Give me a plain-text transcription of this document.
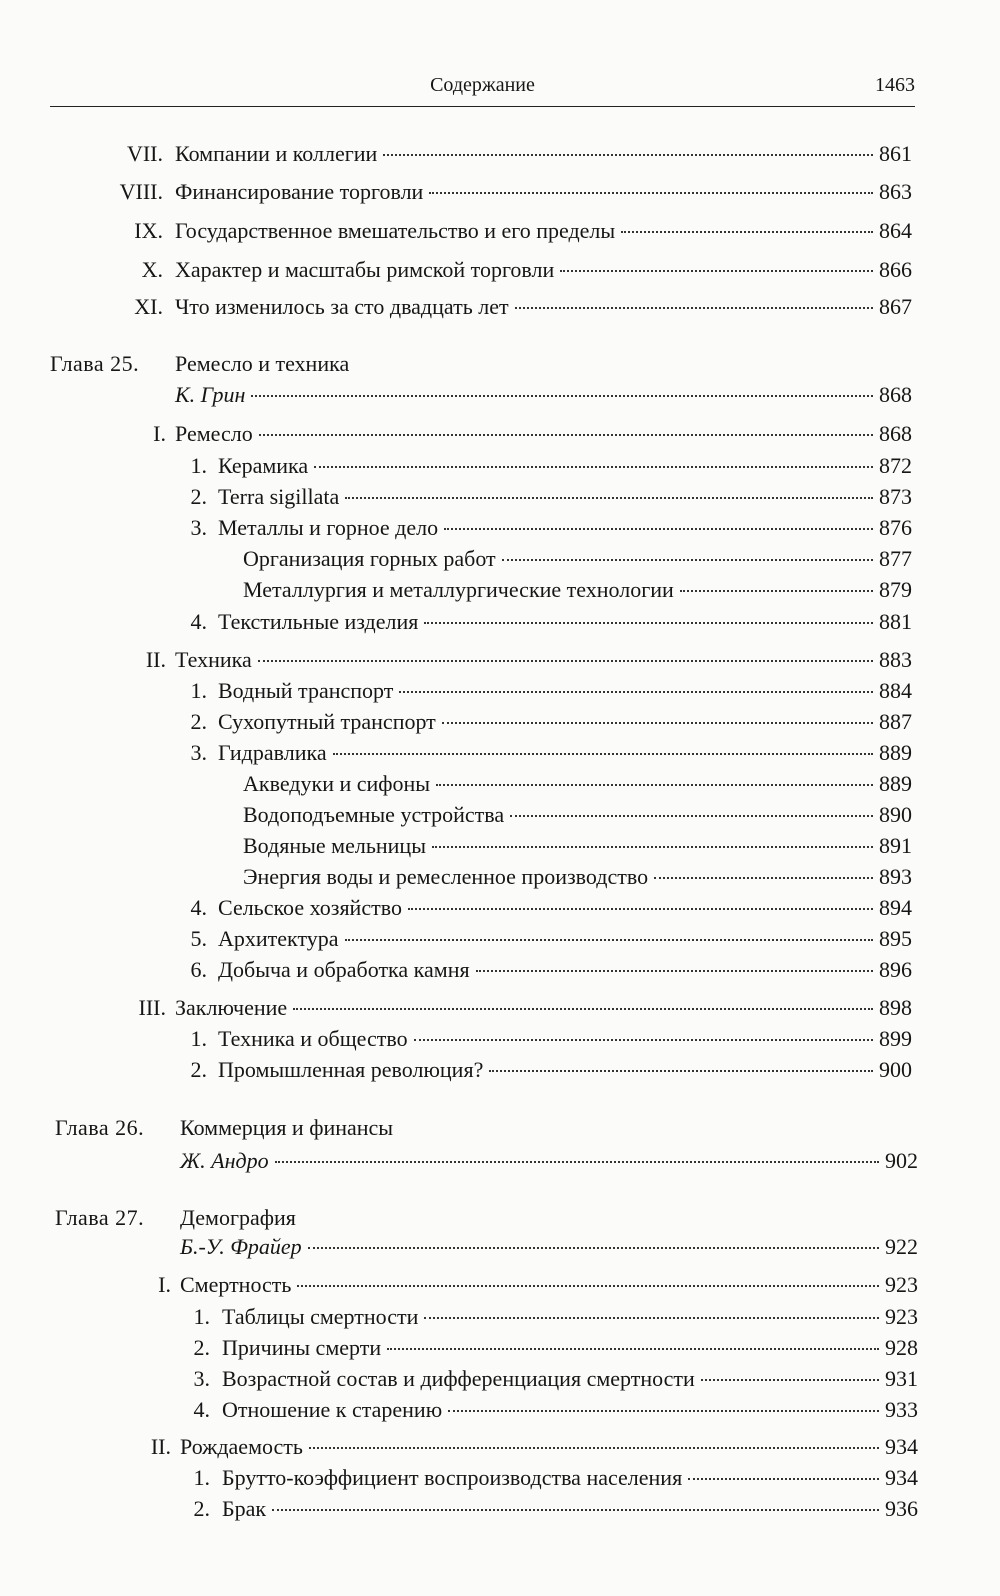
Содержание	1463
VII. Компании и коллегии	861
VIII. Финансирование торговли	863
IX. Государственное вмешательство и его пределы	864
X. Характер и масштабы римской торговли	866
XI. Что изменилось за сто двадцать лет	867
Глава 25. Ремесло и техника
К. Грин	868
I. Ремесло	868
1. Керамика	872
2. Terra sigillata	873
3. Металлы и горное дело	876
Организация горных работ	877
Металлургия и металлургические технологии	879
4. Текстильные изделия	881
II. Техника	883
1. Водный транспорт	884
2. Сухопутный транспорт	887
3. Гидравлика	889
Акведуки и сифоны	889
Водоподъемные устройства	890
Водяные мельницы	891
Энергия воды и ремесленное производство	893
4. Сельское хозяйство	894
5. Архитектура	895
6. Добыча и обработка камня	896
III. Заключение	898
1. Техника и общество	899
2. Промышленная революция?	900
Глава 26. Коммерция и финансы
Ж. Андро	902
Глава 27. Демография
Б.-У. Фрайер	922
I. Смертность	923
1. Таблицы смертности	923
2. Причины смерти	928
3. Возрастной состав и дифференциация смертности	931
4. Отношение к старению	933
II. Рождаемость	934
1. Брутто-коэффициент воспроизводства населения	934
2. Брак	936
